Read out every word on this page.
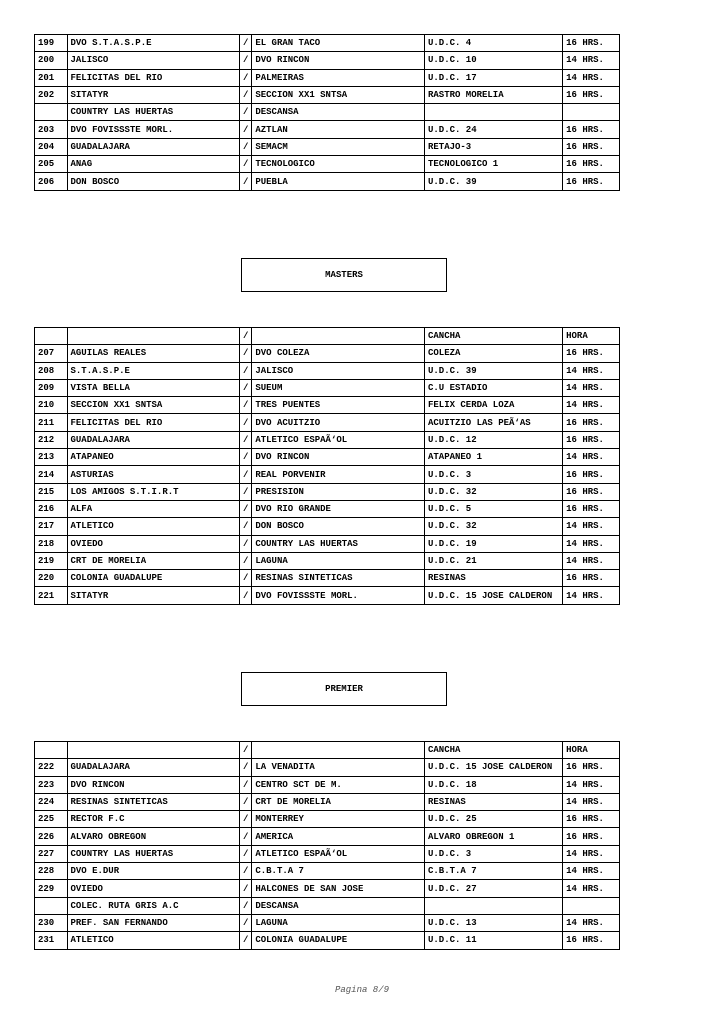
199	DVO S.T.A.S.P.E	/	EL GRAN TACO	U.D.C. 4	16 HRS.
200	JALISCO	/	DVO RINCON	U.D.C. 10	14 HRS.
201	FELICITAS DEL RIO	/	PALMEIRAS	U.D.C. 17	14 HRS.
202	SITATYR	/	SECCION XX1 SNTSA	RASTRO MORELIA	16 HRS.
	COUNTRY LAS HUERTAS	/	DESCANSA		
203	DVO FOVISSSTE MORL.	/	AZTLAN	U.D.C. 24	16 HRS.
204	GUADALAJARA	/	SEMACM	RETAJO-3	16 HRS.
205	ANAG	/	TECNOLOGICO	TECNOLOGICO 1	16 HRS.
206	DON BOSCO	/	PUEBLA	U.D.C. 39	16 HRS.
MASTERS
		/		CANCHA	HORA
207	AGUILAS REALES	/	DVO COLEZA	COLEZA	16 HRS.
208	S.T.A.S.P.E	/	JALISCO	U.D.C. 39	14 HRS.
209	VISTA BELLA	/	SUEUM	C.U ESTADIO	14 HRS.
210	SECCION XX1 SNTSA	/	TRES PUENTES	FELIX CERDA LOZA	14 HRS.
211	FELICITAS DEL RIO	/	DVO ACUITZIO	ACUITZIO LAS PEÃ‘AS	16 HRS.
212	GUADALAJARA	/	ATLETICO ESPAÃ‘OL	U.D.C. 12	16 HRS.
213	ATAPANEO	/	DVO RINCON	ATAPANEO 1	14 HRS.
214	ASTURIAS	/	REAL PORVENIR	U.D.C. 3	16 HRS.
215	LOS AMIGOS S.T.I.R.T	/	PRESISION	U.D.C. 32	16 HRS.
216	ALFA	/	DVO RIO GRANDE	U.D.C. 5	16 HRS.
217	ATLETICO	/	DON BOSCO	U.D.C. 32	14 HRS.
218	OVIEDO	/	COUNTRY LAS HUERTAS	U.D.C. 19	14 HRS.
219	CRT DE MORELIA	/	LAGUNA	U.D.C. 21	14 HRS.
220	COLONIA GUADALUPE	/	RESINAS SINTETICAS	RESINAS	16 HRS.
221	SITATYR	/	DVO FOVISSSTE MORL.	U.D.C. 15 JOSE CALDERON	14 HRS.
PREMIER
		/		CANCHA	HORA
222	GUADALAJARA	/	LA VENADITA	U.D.C. 15 JOSE CALDERON	16 HRS.
223	DVO RINCON	/	CENTRO SCT DE M.	U.D.C. 18	14 HRS.
224	RESINAS SINTETICAS	/	CRT DE MORELIA	RESINAS	14 HRS.
225	RECTOR F.C	/	MONTERREY	U.D.C. 25	16 HRS.
226	ALVARO OBREGON	/	AMERICA	ALVARO OBREGON 1	16 HRS.
227	COUNTRY LAS HUERTAS	/	ATLETICO ESPAÃ‘OL	U.D.C. 3	14 HRS.
228	DVO E.DUR	/	C.B.T.A 7	C.B.T.A 7	14 HRS.
229	OVIEDO	/	HALCONES DE SAN JOSE	U.D.C. 27	14 HRS.
	COLEC. RUTA GRIS A.C	/	DESCANSA		
230	PREF. SAN FERNANDO	/	LAGUNA	U.D.C. 13	14 HRS.
231	ATLETICO	/	COLONIA GUADALUPE	U.D.C. 11	16 HRS.
Pagina 8/9
